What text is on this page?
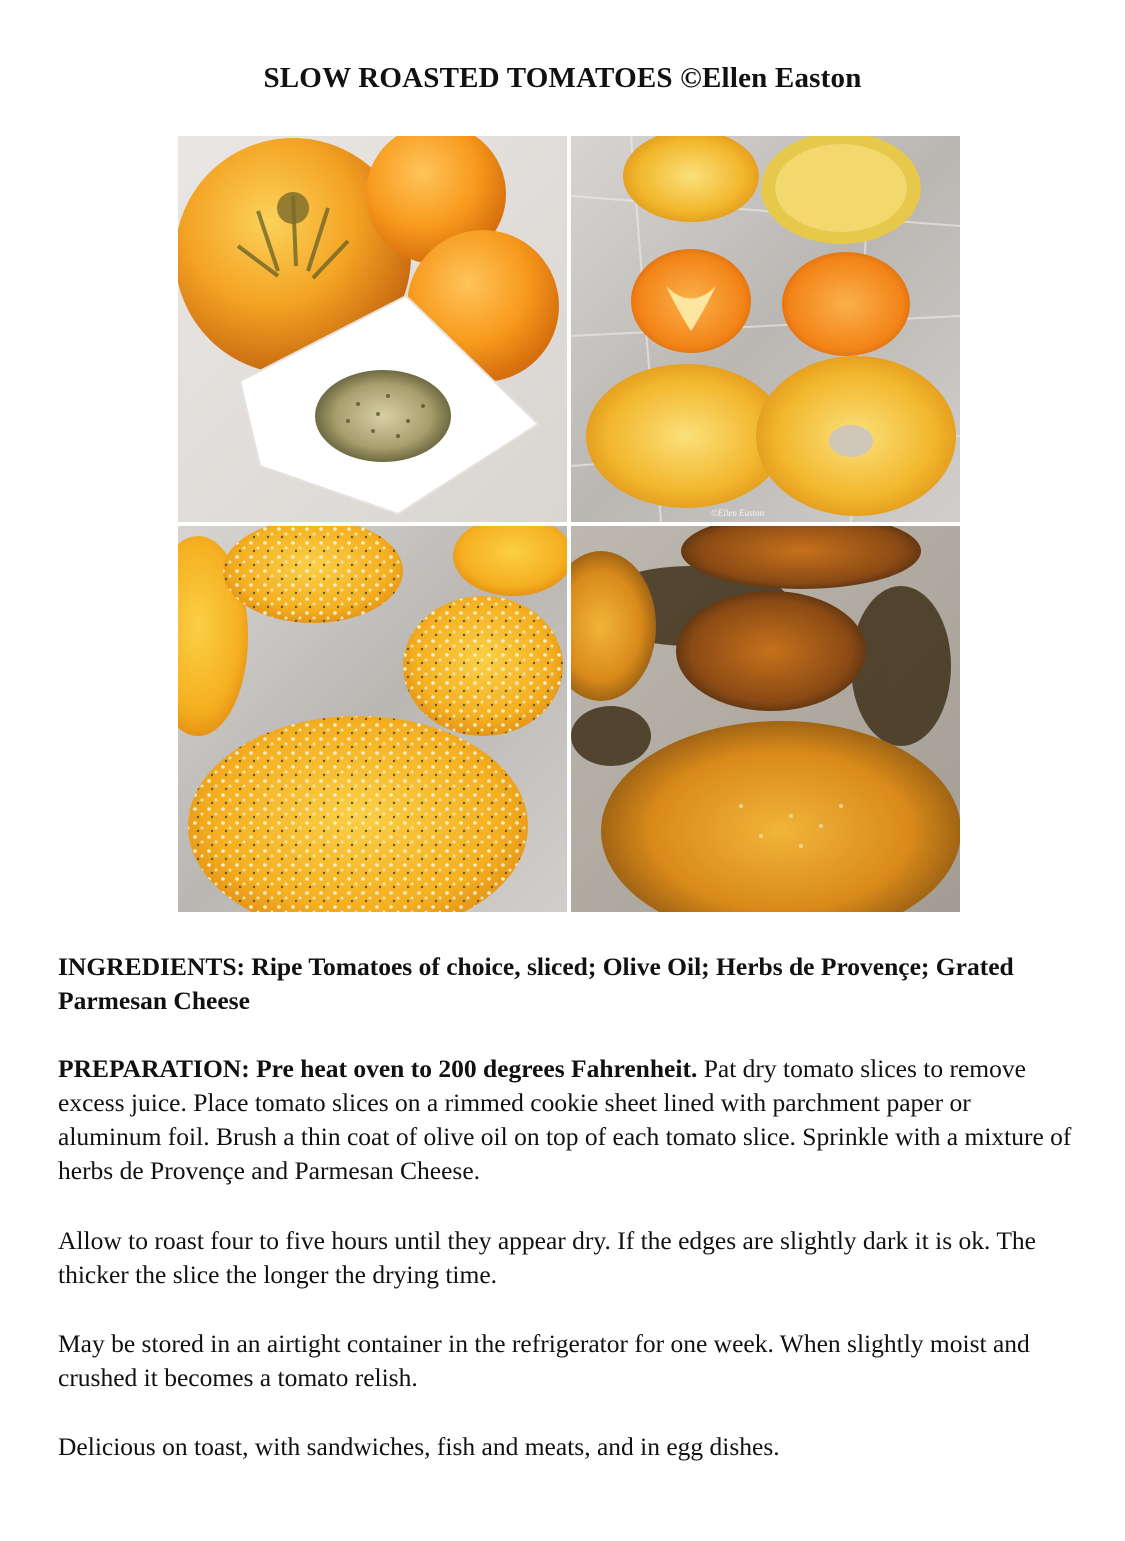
SLOW ROASTED TOMATOES ©Ellen Easton
©Ellen Easton
INGREDIENTS: Ripe Tomatoes of choice, sliced; Olive Oil; Herbs de Provençe; Grated Parmesan Cheese
PREPARATION: Pre heat oven to 200 degrees Fahrenheit. Pat dry tomato slices to remove excess juice. Place tomato slices on a rimmed cookie sheet lined with parchment paper or aluminum foil. Brush a thin coat of olive oil on top of each tomato slice. Sprinkle with a mixture of herbs de Provençe and Parmesan Cheese.
Allow to roast four to five hours until they appear dry. If the edges are slightly dark it is ok. The thicker the slice the longer the drying time.
May be stored in an airtight container in the refrigerator for one week. When slightly moist and crushed it becomes a tomato relish.
Delicious on toast, with sandwiches, fish and meats, and in egg dishes.
